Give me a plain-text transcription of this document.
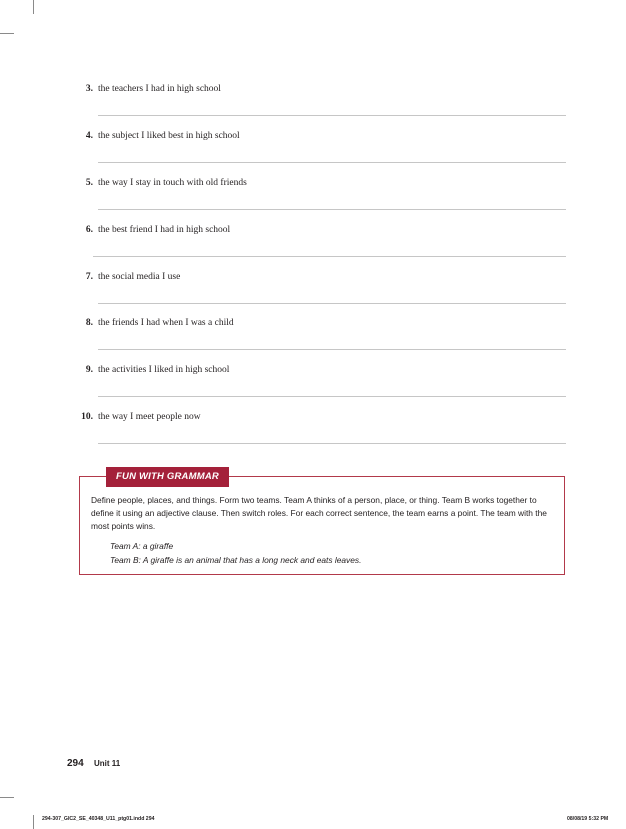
3. the teachers I had in high school
4. the subject I liked best in high school
5. the way I stay in touch with old friends
6. the best friend I had in high school
7. the social media I use
8. the friends I had when I was a child
9. the activities I liked in high school
10. the way I meet people now
FUN WITH GRAMMAR
Define people, places, and things. Form two teams. Team A thinks of a person, place, or thing. Team B works together to define it using an adjective clause. Then switch roles. For each correct sentence, the team earns a point. The team with the most points wins.
Team A: a giraffe
Team B: A giraffe is an animal that has a long neck and eats leaves.
294 Unit 11
294-307_GIC2_SE_40348_U11_ptg01.indd 294	08/08/19 5:32 PM
